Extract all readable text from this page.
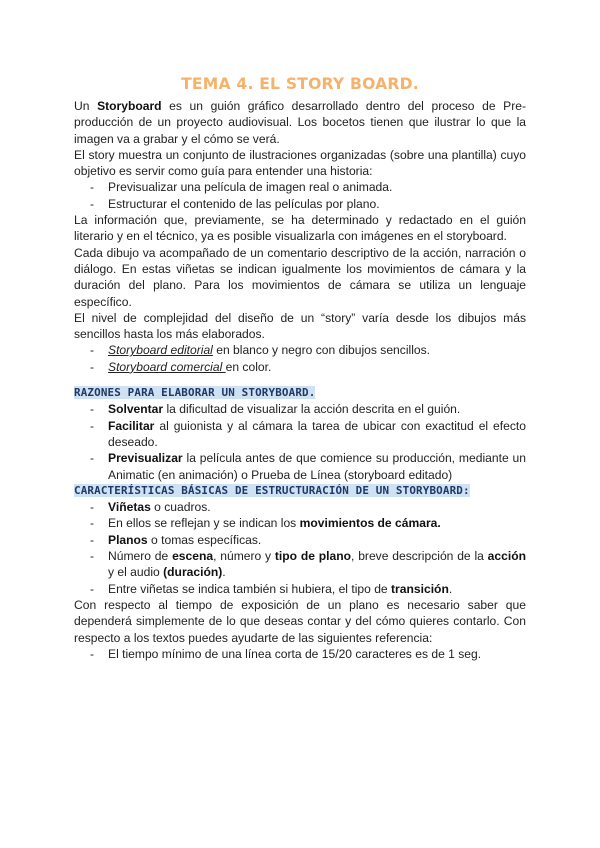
TEMA 4. EL STORY BOARD.

Un Storyboard es un guión gráfico desarrollado dentro del proceso de Pre-producción de un proyecto audiovisual. Los bocetos tienen que ilustrar lo que la imagen va a grabar y el cómo se verá.

El story muestra un conjunto de ilustraciones organizadas (sobre una plantilla) cuyo objetivo es servir como guía para entender una historia:

- Previsualizar una película de imagen real o animada.
- Estructurar el contenido de las películas por plano.

La información que, previamente, se ha determinado y redactado en el guión literario y en el técnico, ya es posible visualizarla con imágenes en el storyboard.

Cada dibujo va acompañado de un comentario descriptivo de la acción, narración o diálogo. En estas viñetas se indican igualmente los movimientos de cámara y la duración del plano. Para los movimientos de cámara se utiliza un lenguaje específico.

El nivel de complejidad del diseño de un “story” varía desde los dibujos más sencillos hasta los más elaborados.

- Storyboard editorial en blanco y negro con dibujos sencillos.
- Storyboard comercial en color.

RAZONES PARA ELABORAR UN STORYBOARD.

- Solventar la dificultad de visualizar la acción descrita en el guión.
- Facilitar al guionista y al cámara la tarea de ubicar con exactitud el efecto deseado.
- Previsualizar la película antes de que comience su producción, mediante un Animatic (en animación) o Prueba de Línea (storyboard editado)

CARACTERÍSTICAS BÁSICAS DE ESTRUCTURACIÓN DE UN STORYBOARD:

- Viñetas o cuadros.
- En ellos se reflejan y se indican los movimientos de cámara.
- Planos o tomas específicas.
- Número de escena, número y tipo de plano, breve descripción de la acción y el audio (duración).
- Entre viñetas se indica también si hubiera, el tipo de transición.

Con respecto al tiempo de exposición de un plano es necesario saber que dependerá simplemente de lo que deseas contar y del cómo quieres contarlo. Con respecto a los textos puedes ayudarte de las siguientes referencia:

- El tiempo mínimo de una línea corta de 15/20 caracteres es de 1 seg.
